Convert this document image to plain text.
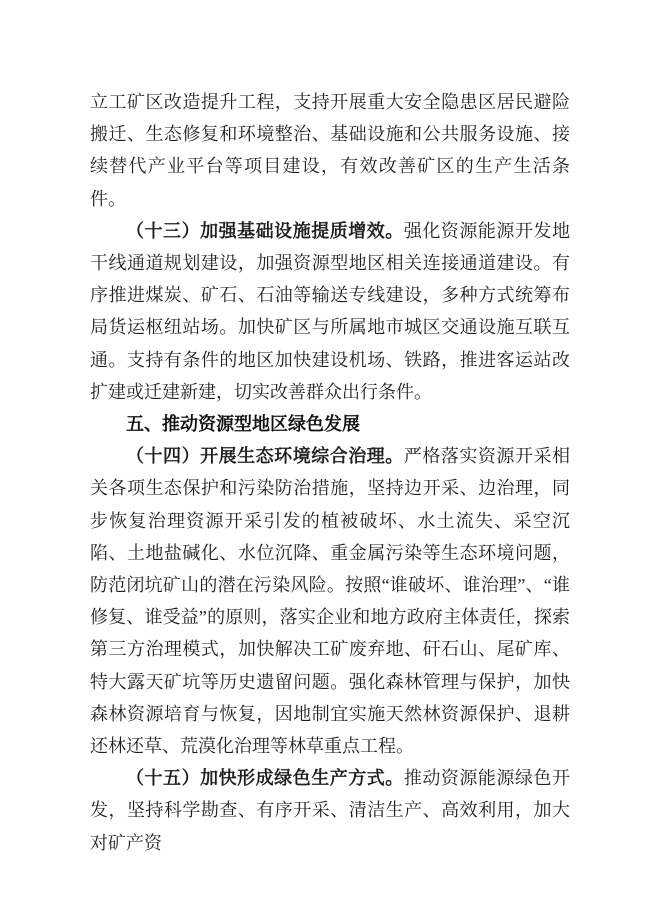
立工矿区改造提升工程，支持开展重大安全隐患区居民避险搬迁、生态修复和环境整治、基础设施和公共服务设施、接续替代产业平台等项目建设，有效改善矿区的生产生活条件。

（十三）加强基础设施提质增效。强化资源能源开发地干线通道规划建设，加强资源型地区相关连接通道建设。有序推进煤炭、矿石、石油等输送专线建设，多种方式统筹布局货运枢纽站场。加快矿区与所属地市城区交通设施互联互通。支持有条件的地区加快建设机场、铁路，推进客运站改扩建或迁建新建，切实改善群众出行条件。

五、推动资源型地区绿色发展

（十四）开展生态环境综合治理。严格落实资源开采相关各项生态保护和污染防治措施，坚持边开采、边治理，同步恢复治理资源开采引发的植被破坏、水土流失、采空沉陷、土地盐碱化、水位沉降、重金属污染等生态环境问题，防范闭坑矿山的潜在污染风险。按照“谁破坏、谁治理”、“谁修复、谁受益”的原则，落实企业和地方政府主体责任，探索第三方治理模式，加快解决工矿废弃地、矸石山、尾矿库、特大露天矿坑等历史遗留问题。强化森林管理与保护，加快森林资源培育与恢复，因地制宜实施天然林资源保护、退耕还林还草、荒漠化治理等林草重点工程。

（十五）加快形成绿色生产方式。推动资源能源绿色开发，坚持科学勘查、有序开采、清洁生产、高效利用，加大对矿产资
